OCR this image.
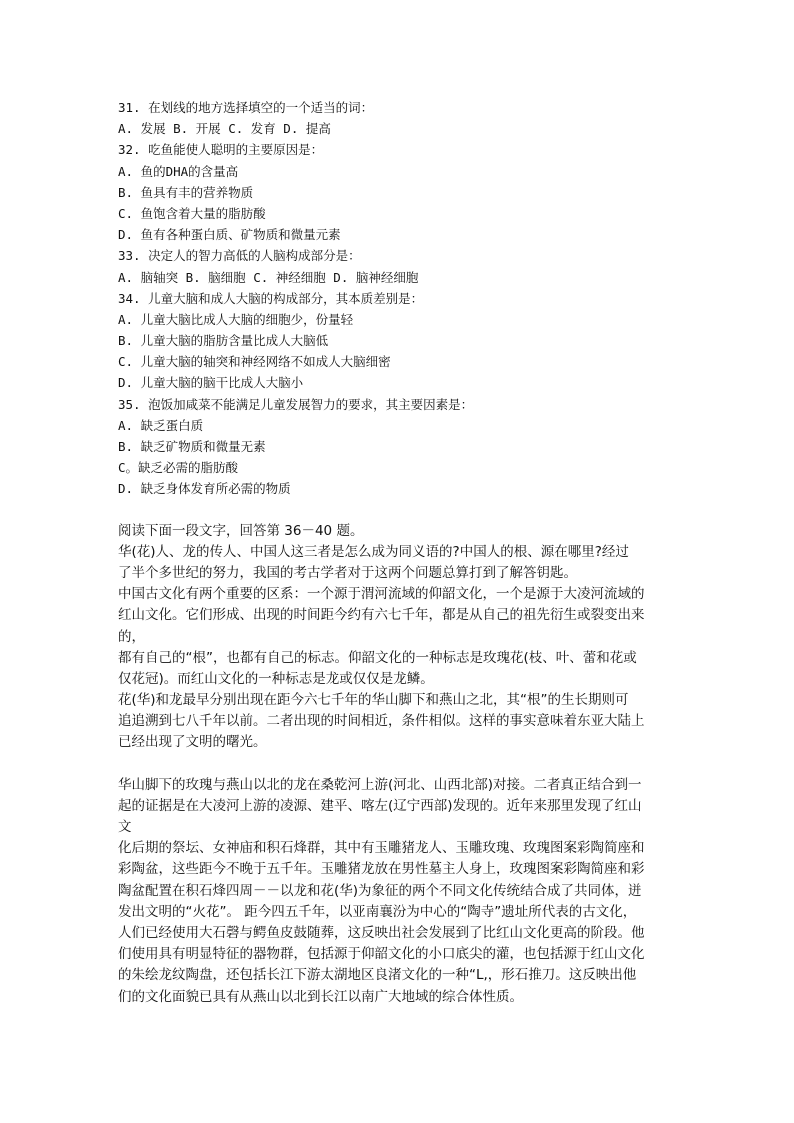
31. 在划线的地方选择填空的一个适当的词：
A. 发展 B. 开展 C. 发育 D. 提高
32. 吃鱼能使人聪明的主要原因是：
A. 鱼的DHA的含量高
B. 鱼具有丰的营养物质
C. 鱼饱含着大量的脂肪酸
D. 鱼有各种蛋白质、矿物质和微量元素
33. 决定人的智力高低的人脑构成部分是：
A. 脑轴突 B. 脑细胞 C. 神经细胞 D. 脑神经细胞
34. 儿童大脑和成人大脑的构成部分，其本质差别是：
A. 儿童大脑比成人大脑的细胞少，份量轻
B. 儿童大脑的脂肪含量比成人大脑低
C. 儿童大脑的轴突和神经网络不如成人大脑细密
D. 儿童大脑的脑干比成人大脑小
35. 泡饭加咸菜不能满足儿童发展智力的要求，其主要因素是：
A. 缺乏蛋白质
B. 缺乏矿物质和微量无素
C。缺乏必需的脂肪酸
D. 缺乏身体发育所必需的物质
阅读下面一段文字，回答第 36－40 题。
华(花)人、龙的传人、中国人这三者是怎么成为同义语的?中国人的根、源在哪里?经过
了半个多世纪的努力，我国的考古学者对于这两个问题总算打到了解答钥匙。
中国古文化有两个重要的区系：一个源于渭河流域的仰韶文化，一个是源于大凌河流域的
红山文化。它们形成、出现的时间距今约有六七千年，都是从自己的祖先衍生或裂变出来
的，
都有自己的“根”，也都有自己的标志。仰韶文化的一种标志是玫瑰花(枝、叶、蕾和花或
仅花冠)。而红山文化的一种标志是龙或仅仅是龙鳞。
花(华)和龙最早分别出现在距今六七千年的华山脚下和燕山之北，其“根”的生长期则可
追追溯到七八千年以前。二者出现的时间相近，条件相似。这样的事实意味着东亚大陆上
已经出现了文明的曙光。
华山脚下的玫瑰与燕山以北的龙在桑乾河上游(河北、山西北部)对接。二者真正结合到一
起的证据是在大凌河上游的凌源、建平、喀左(辽宁西部)发现的。近年来那里发现了红山
文
化后期的祭坛、女神庙和积石烽群，其中有玉雕猪龙人、玉雕玫瑰、玫瑰图案彩陶简座和
彩陶盆，这些距今不晚于五千年。玉雕猪龙放在男性墓主人身上，玫瑰图案彩陶简座和彩
陶盆配置在积石烽四周－－以龙和花(华)为象征的两个不同文化传统结合成了共同体，迸
发出文明的“火花”。 距今四五千年，以亚南襄汾为中心的“陶寺”遗址所代表的古文化，
人们已经使用大石磬与鳄鱼皮鼓随葬，这反映出社会发展到了比红山文化更高的阶段。他
们使用具有明显特征的器物群，包括源于仰韶文化的小口底尖的灌，也包括源于红山文化
的朱绘龙纹陶盘，还包括长江下游太湖地区良渚文化的一种“L,，形石推刀。这反映出他
们的文化面貌已具有从燕山以北到长江以南广大地域的综合体性质。
